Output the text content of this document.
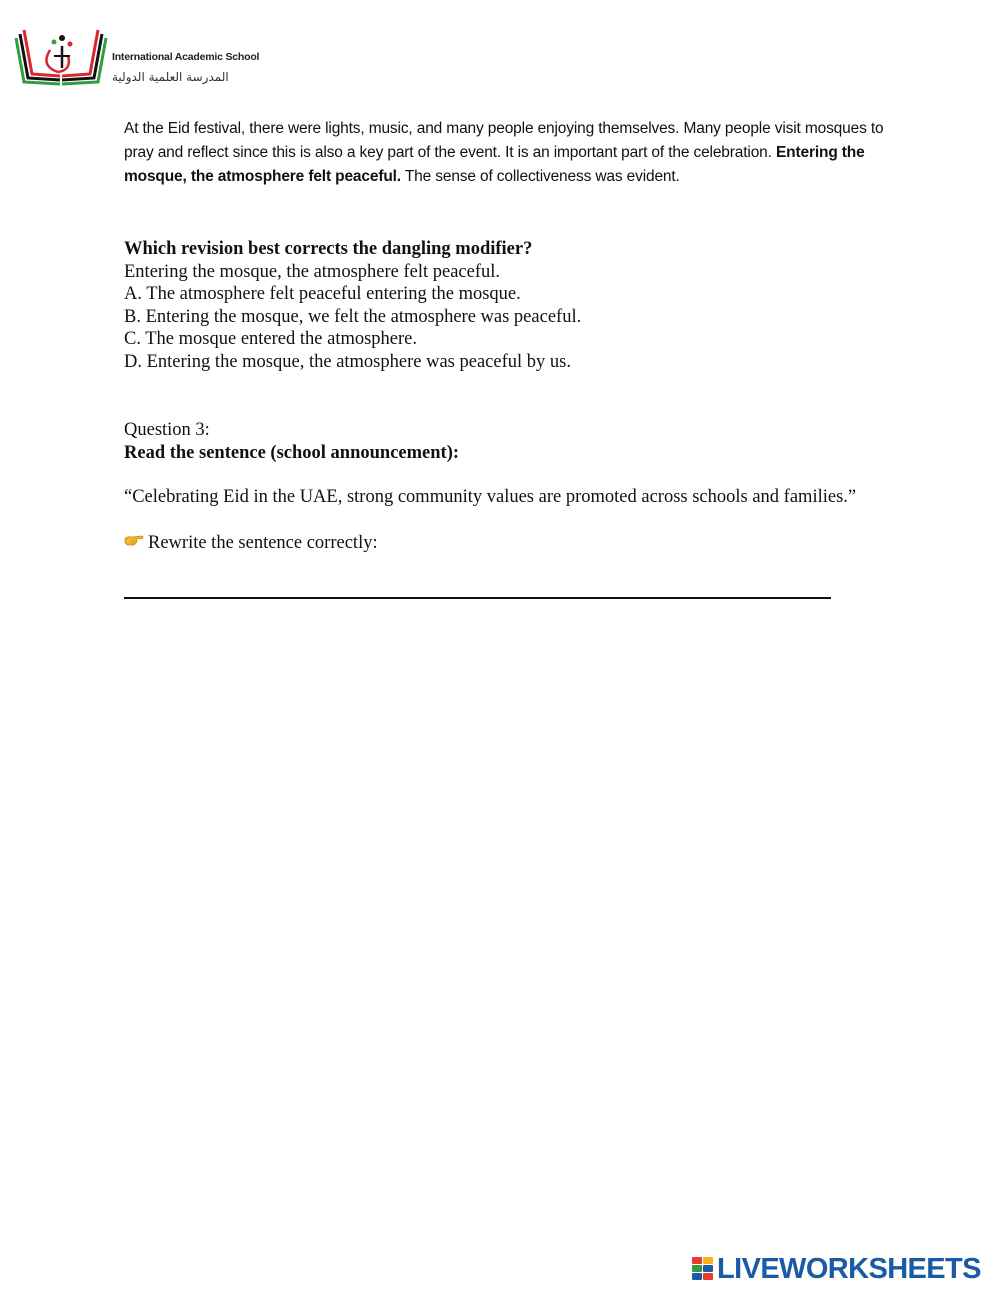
International Academic School
المدرسة العلمية الدولية
At the Eid festival, there were lights, music, and many people enjoying themselves. Many people visit mosques to pray and reflect since this is also a key part of the event. It is an important part of the celebration. Entering the mosque, the atmosphere felt peaceful. The sense of collectiveness was evident.
Which revision best corrects the dangling modifier?
Entering the mosque, the atmosphere felt peaceful.
A. The atmosphere felt peaceful entering the mosque.
B. Entering the mosque, we felt the atmosphere was peaceful.
C. The mosque entered the atmosphere.
D. Entering the mosque, the atmosphere was peaceful by us.
Question 3:
Read the sentence (school announcement):
“Celebrating Eid in the UAE, strong community values are promoted across schools and families.”
Rewrite the sentence correctly:
LIVEWORKSHEETS
